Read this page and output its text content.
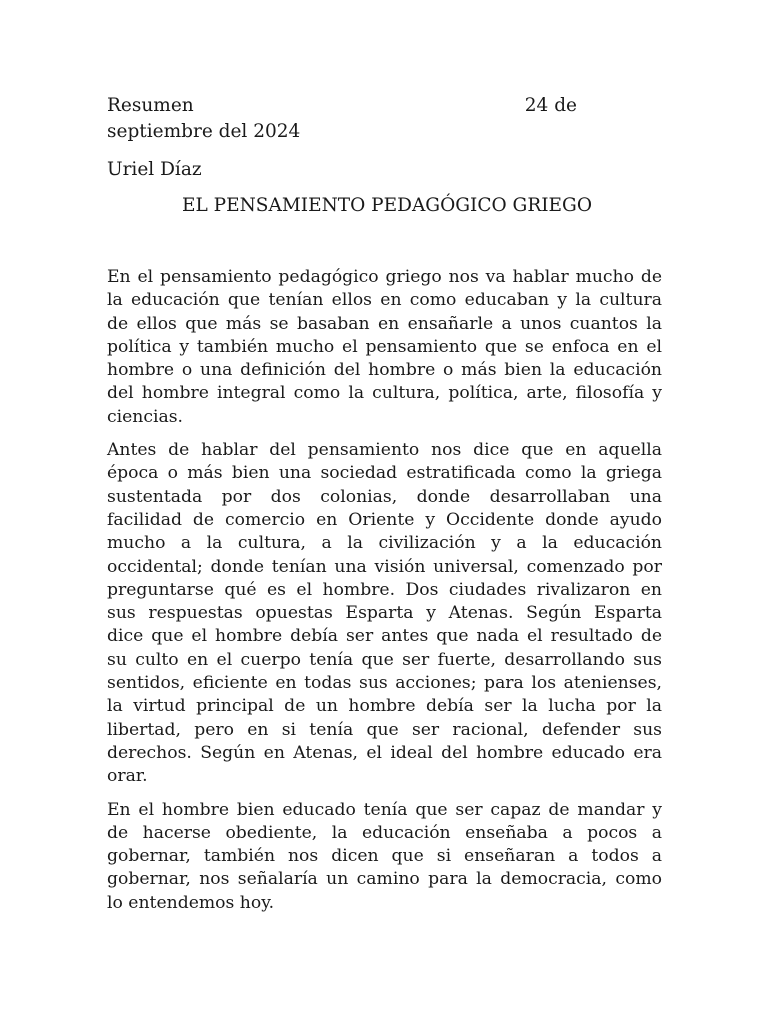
Resumen	24 de
septiembre del 2024
Uriel Díaz
EL PENSAMIENTO PEDAGÓGICO GRIEGO

En el pensamiento pedagógico griego nos va hablar mucho de
la educación que tenían ellos en como educaban y la cultura
de ellos que más se basaban en ensañarle a unos cuantos la
política y también mucho el pensamiento que se enfoca en el
hombre o una definición del hombre o más bien la educación
del hombre integral como la cultura, política, arte, filosofía y
ciencias.

Antes de hablar del pensamiento nos dice que en aquella
época o más bien una sociedad estratificada como la griega
sustentada por dos colonias, donde desarrollaban una
facilidad de comercio en Oriente y Occidente donde ayudo
mucho a la cultura, a la civilización y a la educación
occidental; donde tenían una visión universal, comenzado por
preguntarse qué es el hombre. Dos ciudades rivalizaron en
sus respuestas opuestas Esparta y Atenas. Según Esparta
dice que el hombre debía ser antes que nada el resultado de
su culto en el cuerpo tenía que ser fuerte, desarrollando sus
sentidos, eficiente en todas sus acciones; para los atenienses,
la virtud principal de un hombre debía ser la lucha por la
libertad, pero en si tenía que ser racional, defender sus
derechos. Según en Atenas, el ideal del hombre educado era
orar.

En el hombre bien educado tenía que ser capaz de mandar y
de hacerse obediente, la educación enseñaba a pocos a
gobernar, también nos dicen que si enseñaran a todos a
gobernar, nos señalaría un camino para la democracia, como
lo entendemos hoy.
